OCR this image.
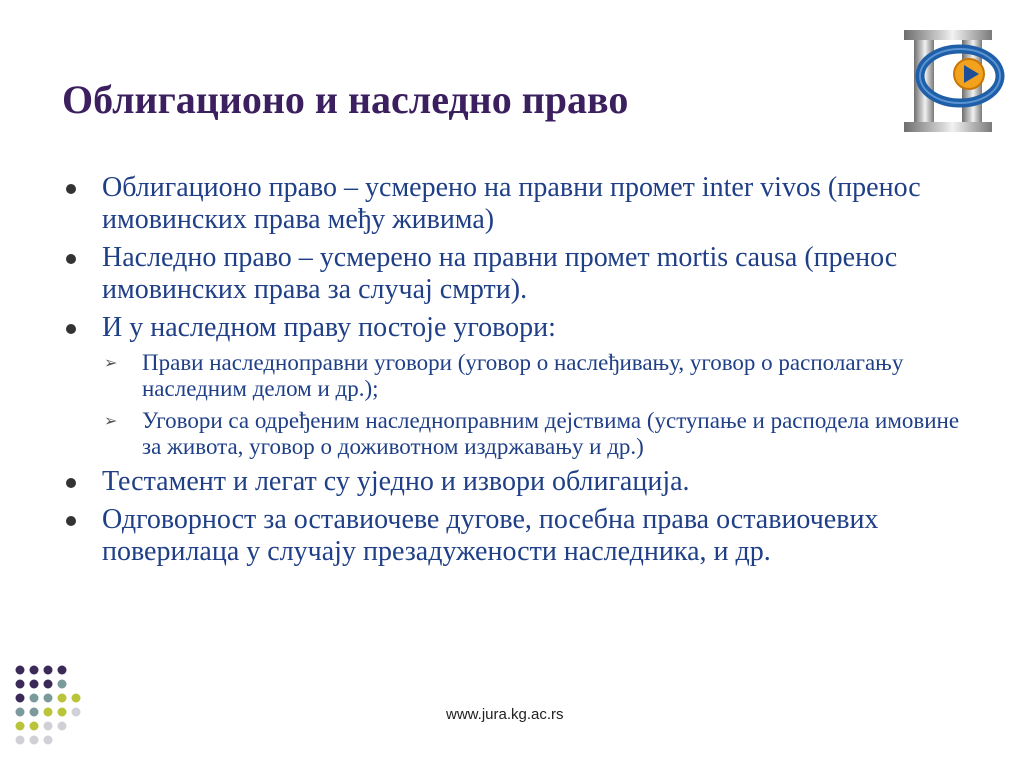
Облигационо и наследно право
Облигационо право – усмерено на правни промет inter vivos (пренос имовинских права међу живима)
Наследно право – усмерено на правни промет mortis causa (пренос имовинских права за случај смрти).
И у наследном праву постоје уговори:
➢ Прави наследноправни уговори (уговор о наслеђивању, уговор о располагању наследним делом и др.);
➢ Уговори са одређеним наследноправним дејствима (уступање и расподела имовине за живота, уговор о доживотном издржавању и др.)
Тестамент и легат су уједно и извори облигација.
Одговорност за оставиочеве дугове, посебна права оставиочевих поверилаца у случају презадужености наследника, и др.
www.jura.kg.ac.rs
